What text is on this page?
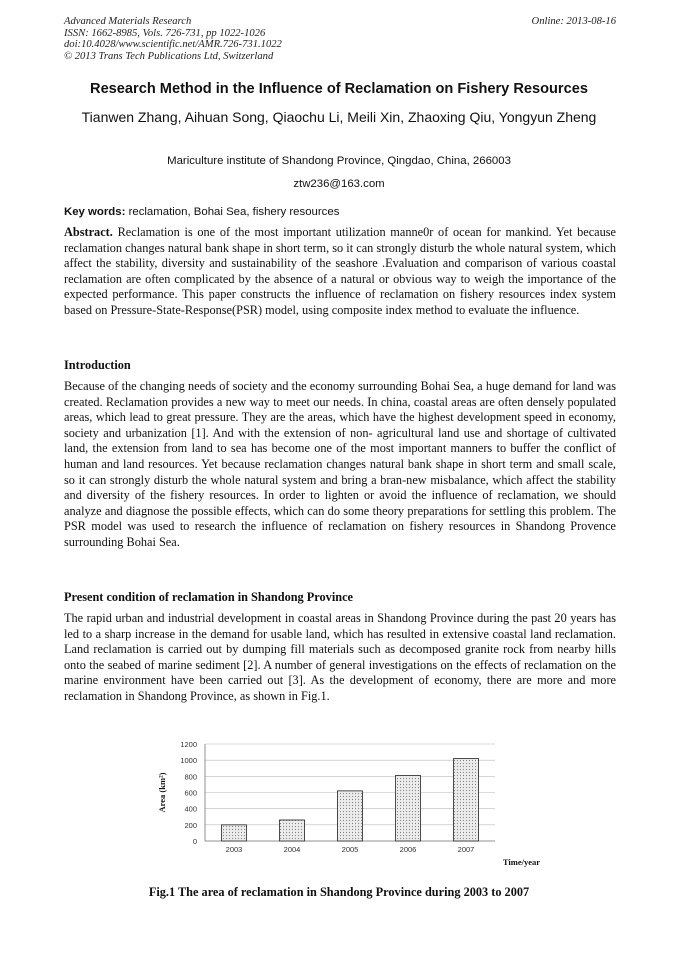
Advanced Materials Research
ISSN: 1662-8985, Vols. 726-731, pp 1022-1026
doi:10.4028/www.scientific.net/AMR.726-731.1022
© 2013 Trans Tech Publications Ltd, Switzerland
Online: 2013-08-16
Research Method in the Influence of Reclamation on Fishery Resources
Tianwen Zhang, Aihuan Song, Qiaochu Li, Meili Xin, Zhaoxing Qiu, Yongyun Zheng
Mariculture institute of Shandong Province, Qingdao, China, 266003
ztw236@163.com
Key words: reclamation, Bohai Sea, fishery resources

Abstract. Reclamation is one of the most important utilization manne0r of ocean for mankind. Yet because reclamation changes natural bank shape in short term, so it can strongly disturb the whole natural system, which affect the stability, diversity and sustainability of the seashore .Evaluation and comparison of various coastal reclamation are often complicated by the absence of a natural or obvious way to weigh the importance of the expected performance. This paper constructs the influence of reclamation on fishery resources index system based on Pressure-State-Response(PSR) model, using composite index method to evaluate the influence.

Introduction

Because of the changing needs of society and the economy surrounding Bohai Sea, a huge demand for land was created. Reclamation provides a new way to meet our needs. In china, coastal areas are often densely populated areas, which lead to great pressure. They are the areas, which have the highest development speed in economy, society and urbanization [1]. And with the extension of non- agricultural land use and shortage of cultivated land, the extension from land to sea has become one of the most important manners to buffer the conflict of human and land resources. Yet because reclamation changes natural bank shape in short term and small scale, so it can strongly disturb the whole natural system and bring a bran-new misbalance, which affect the stability and diversity of the fishery resources. In order to lighten or avoid the influence of reclamation, we should analyze and diagnose the possible effects, which can do some theory preparations for settling this problem. The PSR model was used to research the influence of reclamation on fishery resources in Shandong Provence surrounding Bohai Sea.

Present condition of reclamation in Shandong Province

The rapid urban and industrial development in coastal areas in Shandong Province during the past 20 years has led to a sharp increase in the demand for usable land, which has resulted in extensive coastal land reclamation. Land reclamation is carried out by dumping fill materials such as decomposed granite rock from nearby hills onto the seabed of marine sediment [2]. A number of general investigations on the effects of reclamation on the marine environment have been carried out [3]. As the development of economy, there are more and more reclamation in Shandong Province, as shown in Fig.1.

0
200
400
600
800
1000
1200
2003	2004	2005	2006	2007
Area (km²)
Time/year
Fig.1 The area of reclamation in Shandong Province during 2003 to 2007
